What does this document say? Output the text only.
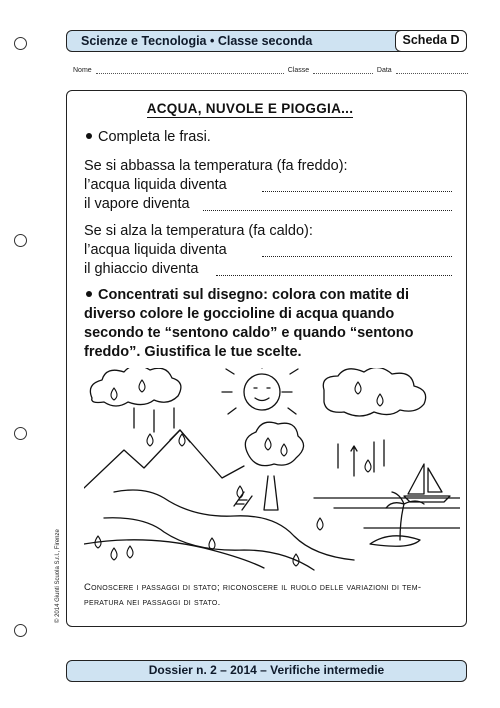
Scienze e Tecnologia • Classe seconda	Scheda D
Nome	Classe	Data
ACQUA, NUVOLE E PIOGGIA...
Completa le frasi.
Se si abbassa la temperatura (fa freddo):
l’acqua liquida diventa
il vapore diventa
Se si alza la temperatura (fa caldo):
l’acqua liquida diventa
il ghiaccio diventa
Concentrati sul disegno: colora con matite di
diverso colore le goccioline di acqua quando
secondo te “sentono caldo” e quando “sentono
freddo”. Giustifica le tue scelte.
Conoscere i passaggi di stato; riconoscere il ruolo delle variazioni di tem-
peratura nei passaggi di stato.
© 2014 Giunti Scuola S.r.l., Firenze
Dossier n. 2 – 2014 – Verifiche intermedie
